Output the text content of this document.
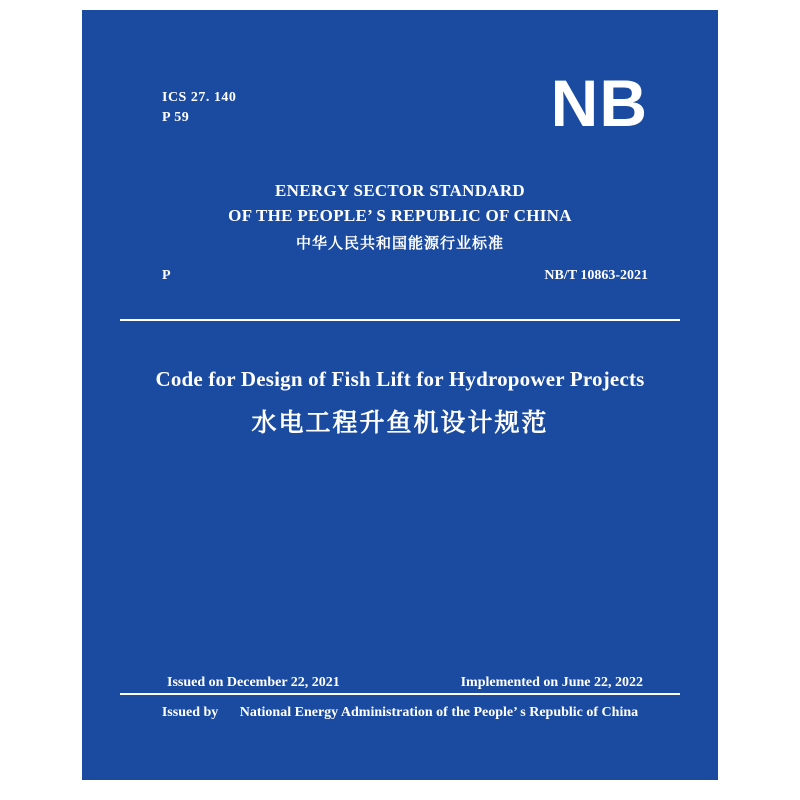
ICS 27. 140
P 59	NB
ENERGY SECTOR STANDARD
OF THE PEOPLE’ S REPUBLIC OF CHINA
中华人民共和国能源行业标准
P	NB/T 10863-2021
Code for Design of Fish Lift for Hydropower Projects
水电工程升鱼机设计规范
Issued on December 22, 2021	Implemented on June 22, 2022
Issued by National Energy Administration of the People’ s Republic of China
